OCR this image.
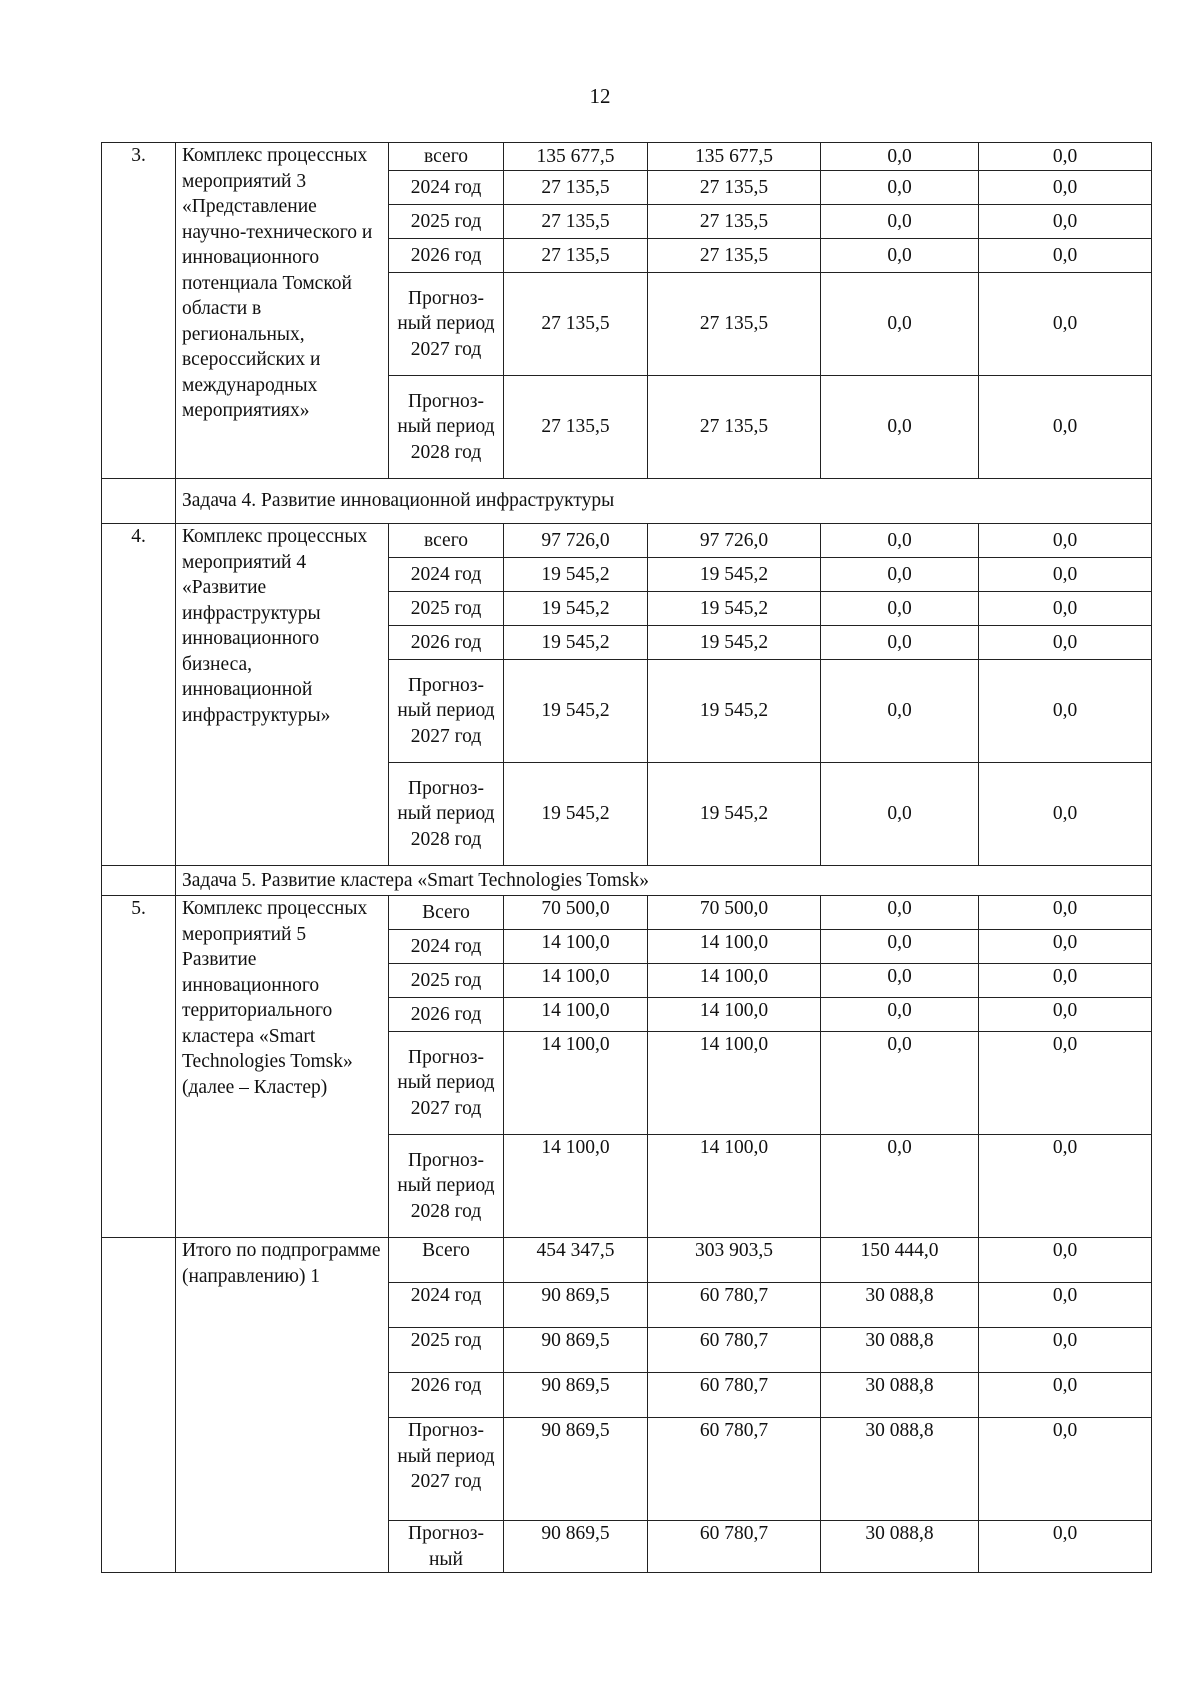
12
3.	Комплекс процессных мероприятий 3 «Представление научно-технического и инновационного потенциала Томской области в региональных, всероссийских и международных мероприятиях»	всего	135 677,5	135 677,5	0,0	0,0
		2024 год	27 135,5	27 135,5	0,0	0,0
		2025 год	27 135,5	27 135,5	0,0	0,0
		2026 год	27 135,5	27 135,5	0,0	0,0
		Прогноз-ный период 2027 год	27 135,5	27 135,5	0,0	0,0
		Прогноз-ный период 2028 год	27 135,5	27 135,5	0,0	0,0
	Задача 4. Развитие инновационной инфраструктуры					
4.	Комплекс процессных мероприятий 4 «Развитие инфраструктуры инновационного бизнеса, инновационной инфраструктуры»	всего	97 726,0	97 726,0	0,0	0,0
		2024 год	19 545,2	19 545,2	0,0	0,0
		2025 год	19 545,2	19 545,2	0,0	0,0
		2026 год	19 545,2	19 545,2	0,0	0,0
		Прогноз-ный период 2027 год	19 545,2	19 545,2	0,0	0,0
		Прогноз-ный период 2028 год	19 545,2	19 545,2	0,0	0,0
	Задача 5. Развитие кластера «Smart Technologies Tomsk»					
5.	Комплекс процессных мероприятий 5 Развитие инновационного территориального кластера «Smart Technologies Tomsk» (далее – Кластер)	Всего	70 500,0	70 500,0	0,0	0,0
		2024 год	14 100,0	14 100,0	0,0	0,0
		2025 год	14 100,0	14 100,0	0,0	0,0
		2026 год	14 100,0	14 100,0	0,0	0,0
		Прогноз-ный период 2027 год	14 100,0	14 100,0	0,0	0,0
		Прогноз-ный период 2028 год	14 100,0	14 100,0	0,0	0,0
	Итого по подпрограмме (направлению) 1	Всего	454 347,5	303 903,5	150 444,0	0,0
		2024 год	90 869,5	60 780,7	30 088,8	0,0
		2025 год	90 869,5	60 780,7	30 088,8	0,0
		2026 год	90 869,5	60 780,7	30 088,8	0,0
		Прогноз-ный период 2027 год	90 869,5	60 780,7	30 088,8	0,0
		Прогноз-ный	90 869,5	60 780,7	30 088,8	0,0
